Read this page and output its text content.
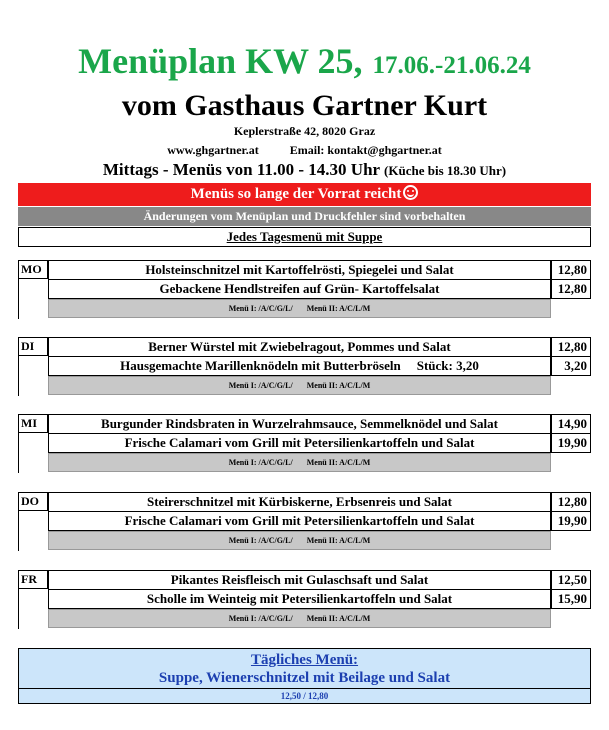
Menüplan KW 25, 17.06.-21.06.24
vom Gasthaus Gartner Kurt
Keplerstraße 42, 8020 Graz
www.ghgartner.at	Email: kontakt@ghgartner.at
Mittags - Menüs von 11.00 - 14.30 Uhr (Küche bis 18.30 Uhr)
Menüs so lange der Vorrat reicht
Änderungen vom Menüplan und Druckfehler sind vorbehalten
Jedes Tagesmenü mit Suppe
MO	Holsteinschnitzel mit Kartoffelrösti, Spiegelei und Salat	12,80
Gebackene Hendlstreifen auf Grün- Kartoffelsalat	12,80
Menü I: /A/C/G/L/ Menü II: A/C/L/M
DI	Berner Würstel mit Zwiebelragout, Pommes und Salat	12,80
Hausgemachte Marillenknödeln mit Butterbröseln Stück: 3,20	3,20
Menü I: /A/C/G/L/ Menü II: A/C/L/M
MI	Burgunder Rindsbraten in Wurzelrahmsauce, Semmelknödel und Salat	14,90
Frische Calamari vom Grill mit Petersilienkartoffeln und Salat	19,90
Menü I: /A/C/G/L/ Menü II: A/C/L/M
DO	Steirerschnitzel mit Kürbiskerne, Erbsenreis und Salat	12,80
Frische Calamari vom Grill mit Petersilienkartoffeln und Salat	19,90
Menü I: /A/C/G/L/ Menü II: A/C/L/M
FR	Pikantes Reisfleisch mit Gulaschsaft und Salat	12,50
Scholle im Weinteig mit Petersilienkartoffeln und Salat	15,90
Menü I: /A/C/G/L/ Menü II: A/C/L/M
Tägliches Menü:
Suppe, Wienerschnitzel mit Beilage und Salat
12,50 / 12,80
